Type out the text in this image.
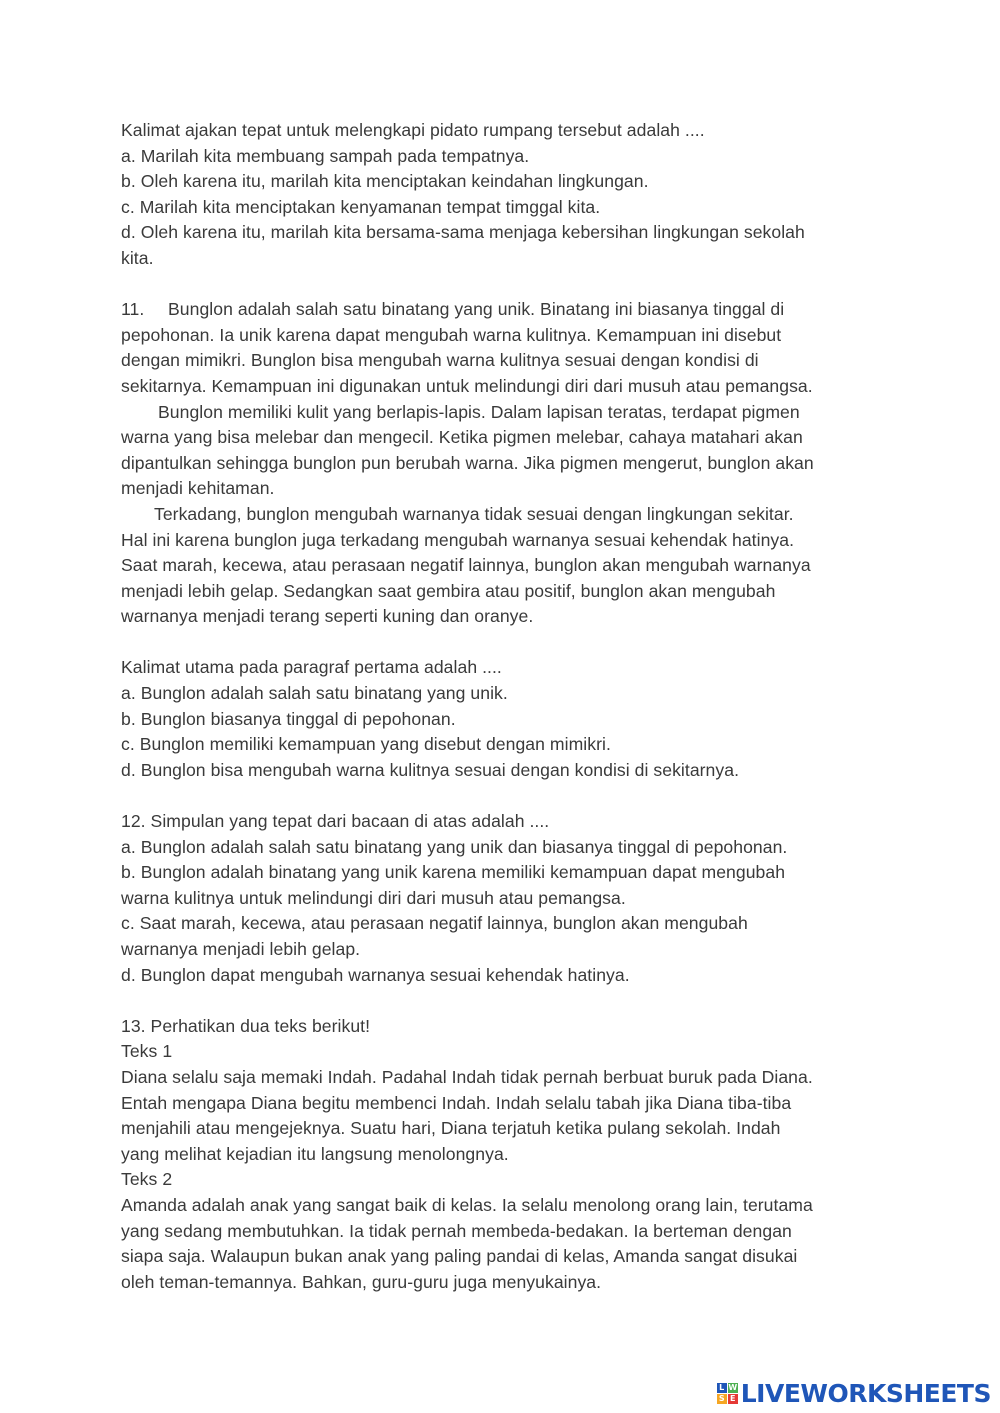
Kalimat ajakan tepat untuk melengkapi pidato rumpang tersebut adalah ....

a. Marilah kita membuang sampah pada tempatnya.

b. Oleh karena itu, marilah kita menciptakan keindahan lingkungan.

c. Marilah kita menciptakan kenyamanan tempat timggal kita.

d. Oleh karena itu, marilah kita bersama-sama menjaga kebersihan lingkungan sekolah

kita.

11. Bunglon adalah salah satu binatang yang unik. Binatang ini biasanya tinggal di

pepohonan. Ia unik karena dapat mengubah warna kulitnya. Kemampuan ini disebut

dengan mimikri. Bunglon bisa mengubah warna kulitnya sesuai dengan kondisi di

sekitarnya. Kemampuan ini digunakan untuk melindungi diri dari musuh atau pemangsa.

Bunglon memiliki kulit yang berlapis-lapis. Dalam lapisan teratas, terdapat pigmen

warna yang bisa melebar dan mengecil. Ketika pigmen melebar, cahaya matahari akan

dipantulkan sehingga bunglon pun berubah warna. Jika pigmen mengerut, bunglon akan

menjadi kehitaman.

Terkadang, bunglon mengubah warnanya tidak sesuai dengan lingkungan sekitar.

Hal ini karena bunglon juga terkadang mengubah warnanya sesuai kehendak hatinya.

Saat marah, kecewa, atau perasaan negatif lainnya, bunglon akan mengubah warnanya

menjadi lebih gelap. Sedangkan saat gembira atau positif, bunglon akan mengubah

warnanya menjadi terang seperti kuning dan oranye.

Kalimat utama pada paragraf pertama adalah ....

a. Bunglon adalah salah satu binatang yang unik.

b. Bunglon biasanya tinggal di pepohonan.

c. Bunglon memiliki kemampuan yang disebut dengan mimikri.

d. Bunglon bisa mengubah warna kulitnya sesuai dengan kondisi di sekitarnya.

12. Simpulan yang tepat dari bacaan di atas adalah ....

a. Bunglon adalah salah satu binatang yang unik dan biasanya tinggal di pepohonan.

b. Bunglon adalah binatang yang unik karena memiliki kemampuan dapat mengubah

warna kulitnya untuk melindungi diri dari musuh atau pemangsa.

c. Saat marah, kecewa, atau perasaan negatif lainnya, bunglon akan mengubah

warnanya menjadi lebih gelap.

d. Bunglon dapat mengubah warnanya sesuai kehendak hatinya.

13. Perhatikan dua teks berikut!

Teks 1

Diana selalu saja memaki Indah. Padahal Indah tidak pernah berbuat buruk pada Diana.

Entah mengapa Diana begitu membenci Indah. Indah selalu tabah jika Diana tiba-tiba

menjahili atau mengejeknya. Suatu hari, Diana terjatuh ketika pulang sekolah. Indah

yang melihat kejadian itu langsung menolongnya.

Teks 2

Amanda adalah anak yang sangat baik di kelas. Ia selalu menolong orang lain, terutama

yang sedang membutuhkan. Ia tidak pernah membeda-bedakan. Ia berteman dengan

siapa saja. Walaupun bukan anak yang paling pandai di kelas, Amanda sangat disukai

oleh teman-temannya. Bahkan, guru-guru juga menyukainya.

L W
S E LIVEWORKSHEETS
